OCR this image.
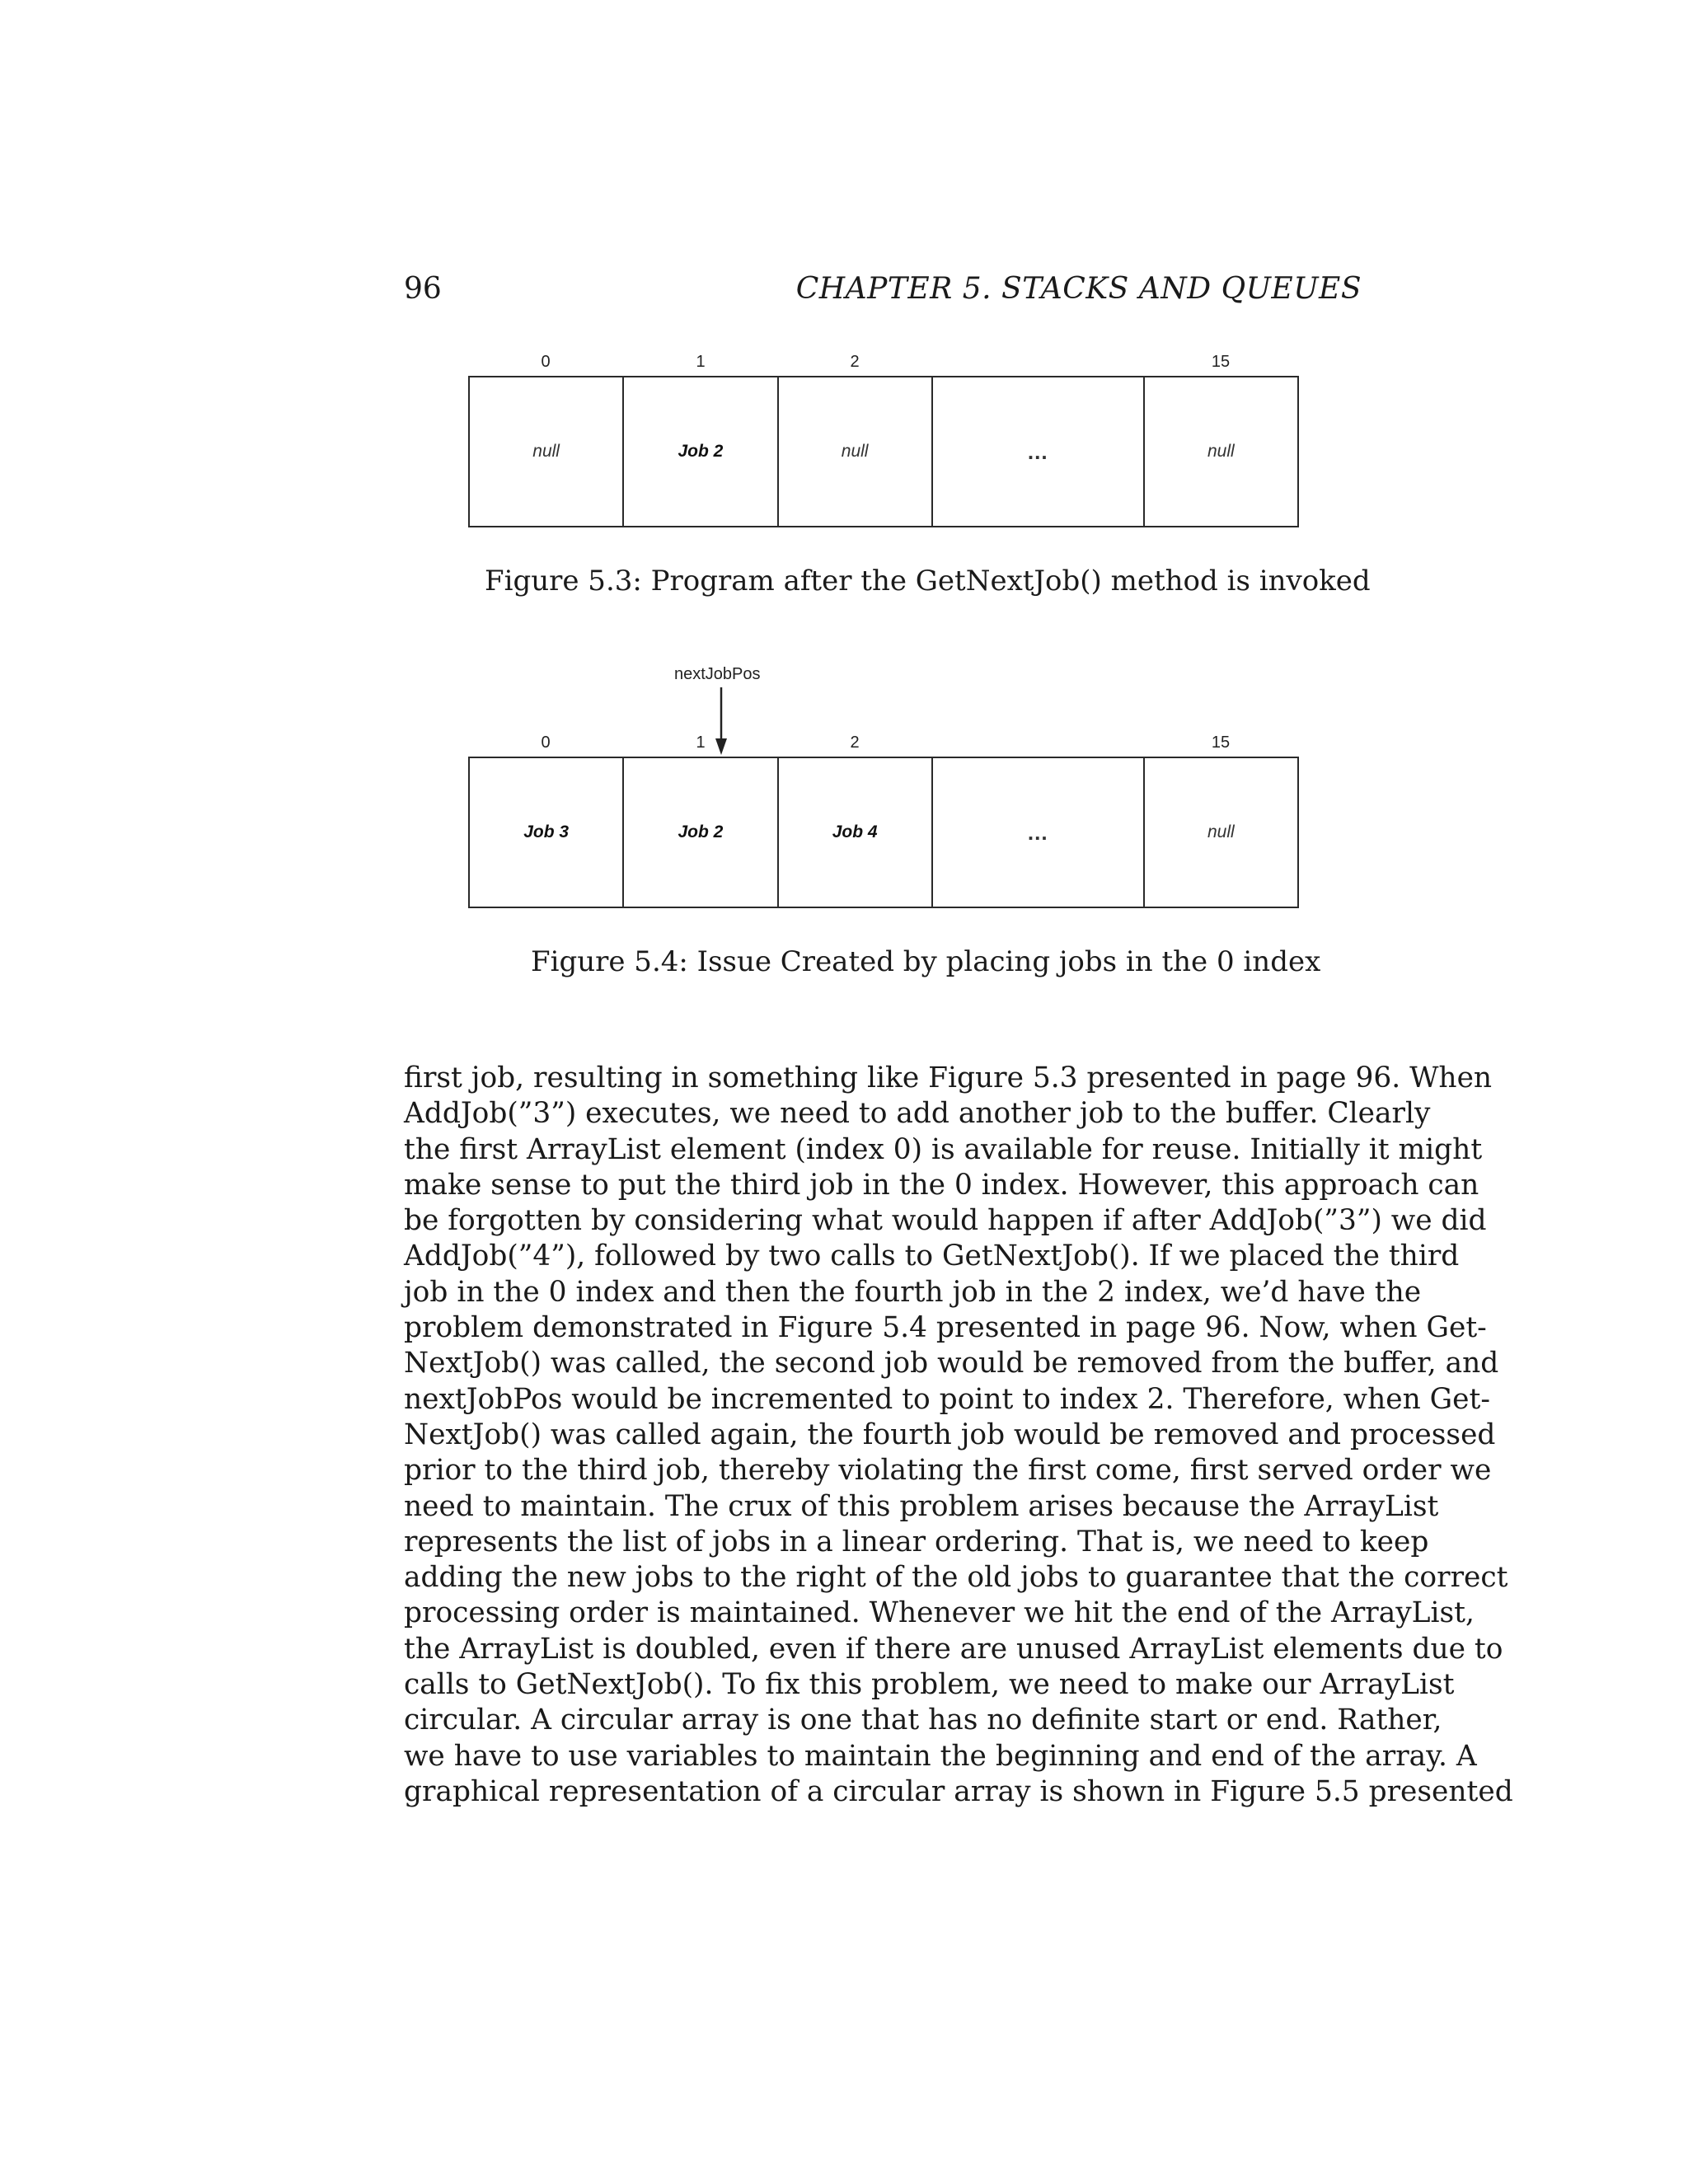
96	CHAPTER 5. STACKS AND QUEUES
0	1	2	15
null	Job 2	null	...	null
Figure 5.3: Program after the GetNextJob() method is invoked
nextJobPos
0	1	2	15
Job 3	Job 2	Job 4	...	null
Figure 5.4: Issue Created by placing jobs in the 0 index
first job, resulting in something like Figure 5.3 presented in page 96. When
AddJob(”3”) executes, we need to add another job to the buffer. Clearly
the first ArrayList element (index 0) is available for reuse. Initially it might
make sense to put the third job in the 0 index. However, this approach can
be forgotten by considering what would happen if after AddJob(”3”) we did
AddJob(”4”), followed by two calls to GetNextJob(). If we placed the third
job in the 0 index and then the fourth job in the 2 index, we’d have the
problem demonstrated in Figure 5.4 presented in page 96. Now, when Get-
NextJob() was called, the second job would be removed from the buffer, and
nextJobPos would be incremented to point to index 2. Therefore, when Get-
NextJob() was called again, the fourth job would be removed and processed
prior to the third job, thereby violating the first come, first served order we
need to maintain. The crux of this problem arises because the ArrayList
represents the list of jobs in a linear ordering. That is, we need to keep
adding the new jobs to the right of the old jobs to guarantee that the correct
processing order is maintained. Whenever we hit the end of the ArrayList,
the ArrayList is doubled, even if there are unused ArrayList elements due to
calls to GetNextJob(). To fix this problem, we need to make our ArrayList
circular. A circular array is one that has no definite start or end. Rather,
we have to use variables to maintain the beginning and end of the array. A
graphical representation of a circular array is shown in Figure 5.5 presented
